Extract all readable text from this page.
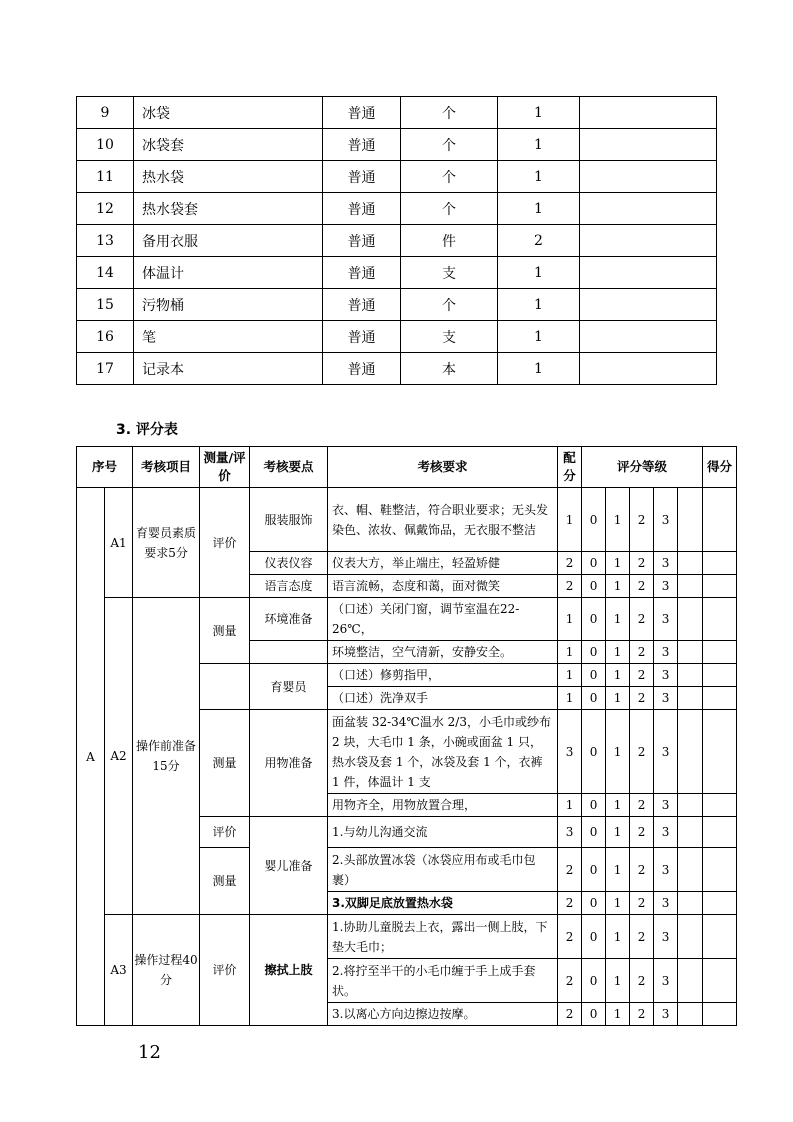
9	冰袋	普通	个	1	
10	冰袋套	普通	个	1	
11	热水袋	普通	个	1	
12	热水袋套	普通	个	1	
13	备用衣服	普通	件	2	
14	体温计	普通	支	1	
15	污物桶	普通	个	1	
16	笔	普通	支	1	
17	记录本	普通	本	1	
3. 评分表
序号		考核项目	测量/评价	考核要点	考核要求	配分	评分等级					得分
A	A1	育婴员素质要求5分	评价	服装服饰	衣、帽、鞋整洁，符合职业要求；无头发染色、浓妆、佩戴饰品，无衣服不整洁	1	0	1	2	3		
				仪表仪容	仪表大方，举止端庄，轻盈矫健	2	0	1	2	3		
				语言态度	语言流畅，态度和蔼，面对微笑	2	0	1	2	3		
	A2	操作前准备15分	测量	环境准备	（口述）关闭门窗，调节室温在22-26℃，	1	0	1	2	3		
					环境整洁，空气清新，安静安全。	1	0	1	2	3		
				育婴员	（口述）修剪指甲，	1	0	1	2	3		
					（口述）洗净双手	1	0	1	2	3		
			测量	用物准备	面盆装 32-34℃温水 2/3，小毛巾或纱布 2 块，大毛巾 1 条，小碗或面盆 1 只，热水袋及套 1 个，冰袋及套 1 个，衣裤 1 件，体温计 1 支	3	0	1	2	3		
					用物齐全，用物放置合理，	1	0	1	2	3		
			评价	婴儿准备	1.与幼儿沟通交流	3	0	1	2	3		
			测量		2.头部放置冰袋（冰袋应用布或毛巾包裹）	2	0	1	2	3		
					3.双脚足底放置热水袋	2	0	1	2	3		
	A3	操作过程40分	评价	擦拭上肢	1.协助儿童脱去上衣，露出一侧上肢，下垫大毛巾；	2	0	1	2	3		
					2.将拧至半干的小毛巾缠于手上成手套状。	2	0	1	2	3		
					3.以离心方向边擦边按摩。	2	0	1	2	3		
12
